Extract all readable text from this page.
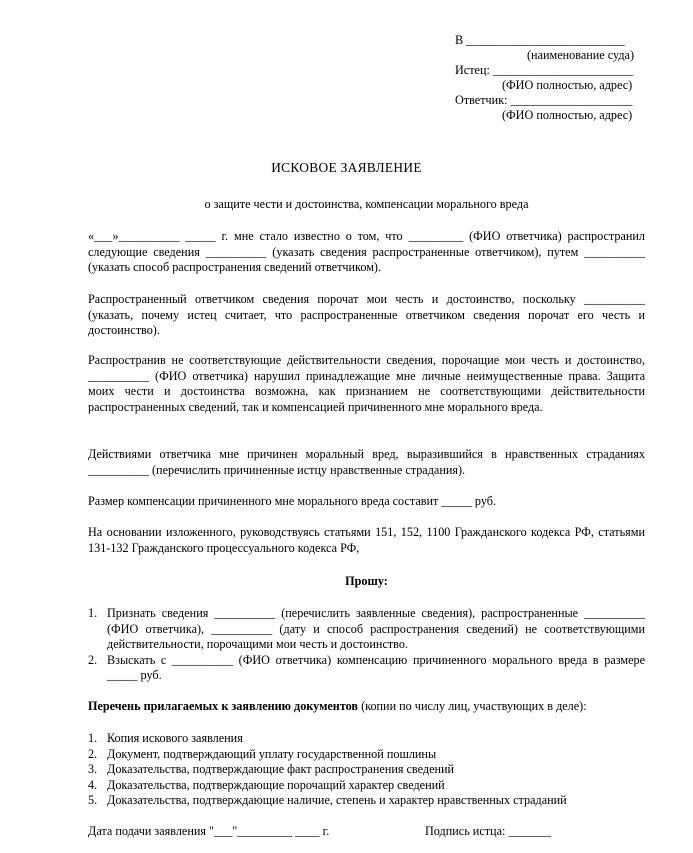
В __________________________
(наименование суда)
Истец: _______________________
(ФИО полностью, адрес)
Ответчик: ____________________
(ФИО полностью, адрес)
ИСКОВОЕ ЗАЯВЛЕНИЕ
о защите чести и достоинства, компенсации морального вреда
«___»__________ _____ г. мне стало известно о том, что _________ (ФИО ответчика) распространил следующие сведения __________ (указать сведения распространенные ответчиком), путем __________ (указать способ распространения сведений ответчиком).
Распространенный ответчиком сведения порочат мои честь и достоинство, поскольку __________ (указать, почему истец считает, что распространенные ответчиком сведения порочат его честь и достоинство).
Распространив не соответствующие действительности сведения, порочащие мои честь и достоинство, __________ (ФИО ответчика) нарушил принадлежащие мне личные неимущественные права. Защита моих чести и достоинства возможна, как признанием не соответствующими действительности распространенных сведений, так и компенсацией причиненного мне морального вреда.
Действиями ответчика мне причинен моральный вред, выразившийся в нравственных страданиях __________ (перечислить причиненные истцу нравственные страдания).
Размер компенсации причиненного мне морального вреда составит _____ руб.
На основании изложенного, руководствуясь статьями 151, 152, 1100 Гражданского кодекса РФ, статьями 131-132 Гражданского процессуального кодекса РФ,
Прошу:
1. Признать сведения __________ (перечислить заявленные сведения), распространенные __________ (ФИО ответчика), __________ (дату и способ распространения сведений) не соответствующими действительности, порочащими мои честь и достоинство.
2. Взыскать с __________ (ФИО ответчика) компенсацию причиненного морального вреда в размере _____ руб.
Перечень прилагаемых к заявлению документов (копии по числу лиц, участвующих в деле):
1. Копия искового заявления
2. Документ, подтверждающий уплату государственной пошлины
3. Доказательства, подтверждающие факт распространения сведений
4. Доказательства, подтверждающие порочащий характер сведений
5. Доказательства, подтверждающие наличие, степень и характер нравственных страданий
Дата подачи заявления "___"_________ ____ г.	Подпись истца: _______
